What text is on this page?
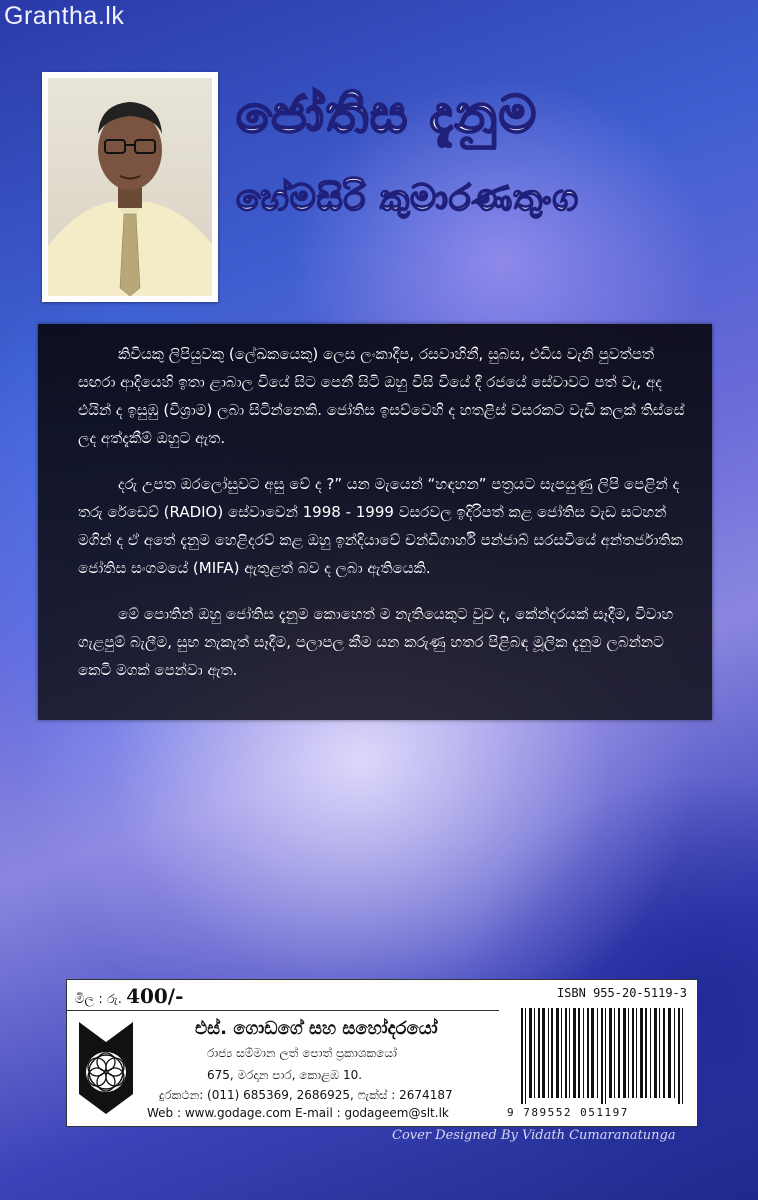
Grantha.lk
ජෝතිස දැනුම
හේමසිරි කුමාරණතුංග

කිවියකු ලිපියුවකු (ලේඛකයෙකු) ලෙස ලංකාදීප, රසවාහිනී, සුබස, එඩිය වැනි පුවත්පත් සඟරා ආදියෙහි ඉතා ළාබාල වියේ සිට පෙනී සිටි ඔහු විසි වියේ දී රජයේ සේවාවට පත් වැ, අද එයින් ද ඉසුඹු (විශ්‍රාම) ලබා සිටින්නෙකි. ජෝතිස ඉසව්වෙහි ද හතළිස් වසරකට වැඩි කලක් තිස්සේ ලද අත්දැකීම් ඔහුට ඇත.

දරු උපත ඔරලෝසුවට අසු වේ ද ?” යන මැයෙන් “හඳහන” පත්‍රයට සැපයුණු ලිපි පෙළින් ද තරු රේඩෙව් (RADIO) සේවාවෙන් 1998 - 1999 වසරවල ඉදිරිපත් කළ ජෝතිස වැඩ සටහන් මගින් ද ඒ අතේ දැනුම හෙළිදරව් කළ ඔහු ඉන්දියාවේ චන්ඩිගාර්හි පන්ජාබ් සරසවියේ අන්තර්ජාතික ජෝතිස සංගමයේ (MIFA) ඇතුළත් බව ද ලබා ඇතියෙකි.

මේ පොතින් ඔහු ජෝතිස දැනුම කොහෙත් ම නැතියෙකුට වුව ද, කේන්දරයක් සෑදීම, විවාහ ගැළපුම් බැලීම, සුභ නැකැත් සෑදීම, පලාපල කීම යන කරුණු හතර පිළිබඳ මූලික දැනුම ලබන්නට කෙටි මගක් පෙන්වා ඇත.

මිල : රු. 400/-	ISBN 955-20-5119-3
එස්. ගොඩගේ සහ සහෝදරයෝ
රාජ්‍ය සම්මාන ලත් පොත් ප්‍රකාශකයෝ
675, මරදාන පාර, කොළඹ 10.
දුරකථන: (011) 685369, 2686925, ෆැක්ස් : 2674187
Web : www.godage.com E-mail : godageem@slt.lk	9 789552 051197
Cover Designed By Vidath Cumaranatunga
